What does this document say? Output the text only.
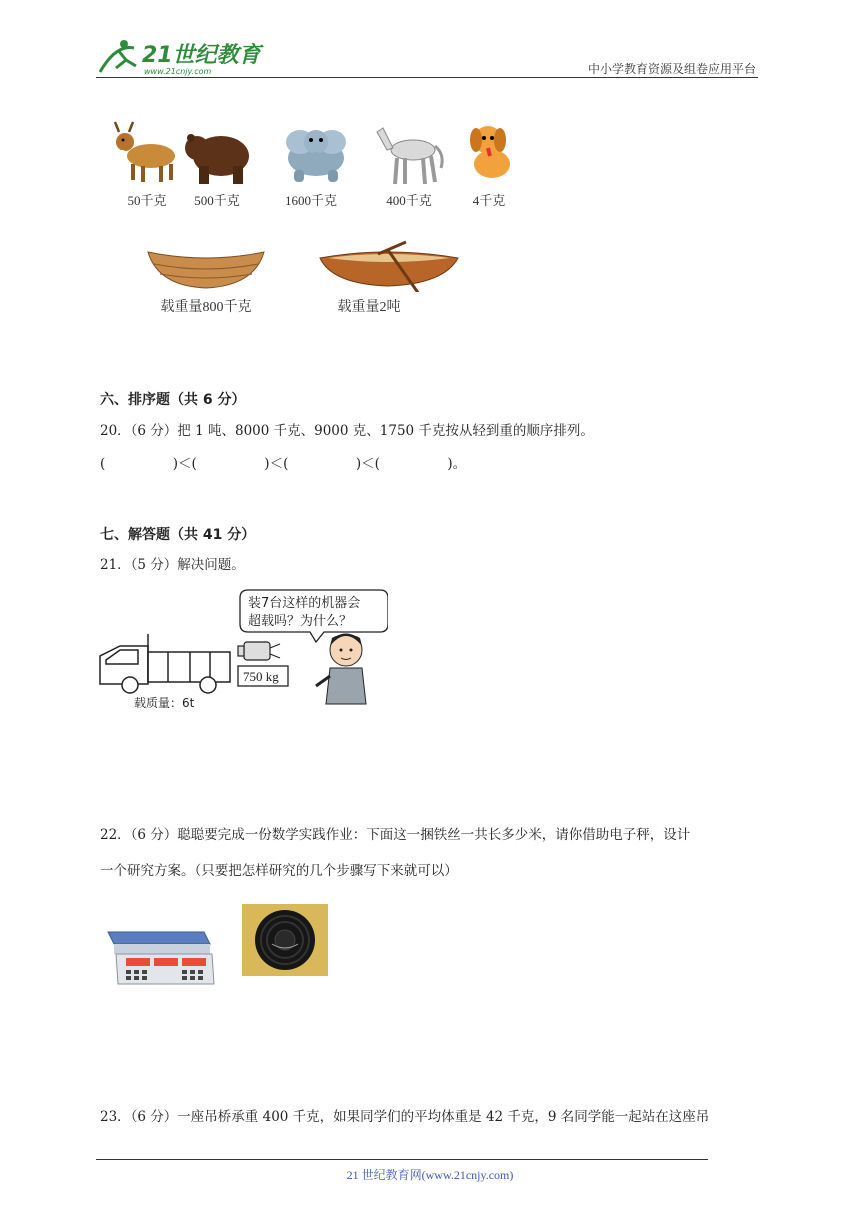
21世纪教育
www.21cnjy.com	中小学教育资源及组卷应用平台
50千克	500千克	1600千克	400千克	4千克
载重量800千克	载重量2吨
六、排序题（共 6 分）
20．（6 分）把 1 吨、8000 千克、9000 克、1750 千克按从轻到重的顺序排列。
(　　　　　)＜(　　　　　)＜(　　　　　)＜(　　　　　)。
七、解答题（共 41 分）
21．（5 分）解决问题。
装7台这样的机器会
超载吗？为什么？
载质量：6t
750 kg
22．（6 分）聪聪要完成一份数学实践作业：下面这一捆铁丝一共长多少米，请你借助电子秤，设计
一个研究方案。（只要把怎样研究的几个步骤写下来就可以）
23．（6 分）一座吊桥承重 400 千克，如果同学们的平均体重是 42 千克，9 名同学能一起站在这座吊
21 世纪教育网(www.21cnjy.com)
